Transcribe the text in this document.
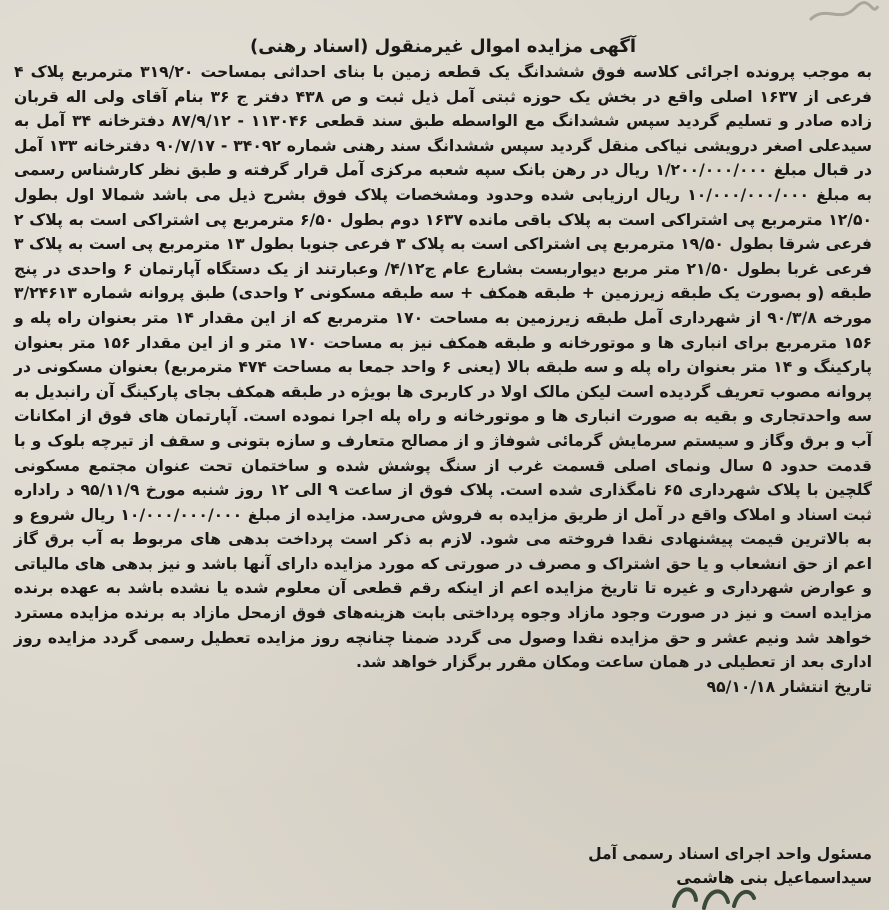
آگهی مزایده اموال غیرمنقول (اسناد رهنی)

به موجب پرونده اجرائی کلاسه فوق ششدانگ یک قطعه زمین با بنای احداثی بمساحت ۳۱۹/۲۰ مترمربع پلاک ۴ فرعی از ۱۶۳۷ اصلی واقع در بخش یک حوزه ثبتی آمل ذیل ثبت و ص ۴۳۸ دفتر ج ۳۶ بنام آقای ولی اله قربان زاده صادر و تسلیم گردید سپس ششدانگ مع الواسطه طبق سند قطعی ۱۱۳۰۴۶ - ۸۷/۹/۱۲ دفترخانه ۳۴ آمل به سیدعلی اصغر درویشی نیاکی منقل گردید سپس ششدانگ سند رهنی شماره ۳۴۰۹۲ - ۹۰/۷/۱۷ دفترخانه ۱۳۳ آمل در قبال مبلغ ۱/۲۰۰/۰۰۰/۰۰۰ ریال در رهن بانک سپه شعبه مرکزی آمل قرار گرفته و طبق نظر کارشناس رسمی به مبلغ ۱۰/۰۰۰/۰۰۰/۰۰۰ ریال ارزیابی شده وحدود ومشخصات پلاک فوق بشرح ذیل می باشد شمالا اول بطول ۱۲/۵۰ مترمربع پی اشتراکی است به پلاک باقی مانده ۱۶۳۷ دوم بطول ۶/۵۰ مترمربع پی اشتراکی است به پلاک ۲ فرعی شرقا بطول ۱۹/۵۰ مترمربع پی اشتراکی است به پلاک ۳ فرعی جنوبا بطول ۱۳ مترمربع پی است به پلاک ۳ فرعی غربا بطول ۲۱/۵۰ متر مربع دیواربست بشارع عام ج۴/۱۲/ وعبارتند از یک دستگاه آپارتمان ۶ واحدی در پنج طبقه (و بصورت یک طبقه زیرزمین + طبقه همکف + سه طبقه مسکونی ۲ واحدی) طبق پروانه شماره ۳/۲۴۶۱۳ مورخه ۹۰/۳/۸ از شهرداری آمل طبقه زیرزمین به مساحت ۱۷۰ مترمربع که از این مقدار ۱۴ متر بعنوان راه پله و ۱۵۶ مترمربع برای انباری ها و موتورخانه و طبقه همکف نیز به مساحت ۱۷۰ متر و از این مقدار ۱۵۶ متر بعنوان پارکینگ و ۱۴ متر بعنوان راه پله و سه طبقه بالا (یعنی ۶ واحد جمعا به مساحت ۴۷۴ مترمربع) بعنوان مسکونی در پروانه مصوب تعریف گردیده است لیکن مالک اولا در کاربری ها بویژه در طبقه همکف بجای پارکینگ آن رانبدیل به سه واحدتجاری و بقیه به صورت انباری ها و موتورخانه و راه پله اجرا نموده است. آپارتمان های فوق از امکانات آب و برق وگاز و سیستم سرمایش گرمائی شوفاژ و از مصالح متعارف و سازه بتونی و سقف از تیرچه بلوک و با قدمت حدود ۵ سال ونمای اصلی قسمت غرب از سنگ پوشش شده و ساختمان تحت عنوان مجتمع مسکونی گلچین با پلاک شهرداری ۶۵ نامگذاری شده است. پلاک فوق از ساعت ۹ الی ۱۲ روز شنبه مورخ ۹۵/۱۱/۹ د راداره ثبت اسناد و املاک واقع در آمل از طریق مزایده به فروش می‌رسد. مزایده از مبلغ ۱۰/۰۰۰/۰۰۰/۰۰۰ ریال شروع و به بالاترین قیمت پیشنهادی نقدا فروخته می شود. لازم به ذکر است پرداخت بدهی های مربوط به آب برق گاز اعم از حق انشعاب و یا حق اشتراک و مصرف در صورتی که مورد مزایده دارای آنها باشد و نیز بدهی های مالیاتی و عوارض شهرداری و غیره تا تاریخ مزایده اعم از اینکه رقم قطعی آن معلوم شده یا نشده باشد به عهده برنده مزایده است و نیز در صورت وجود مازاد وجوه پرداختی بابت هزینه‌های فوق ازمحل مازاد به برنده مزایده مسترد خواهد شد ونیم عشر و حق مزایده نقدا وصول می گردد ضمنا چنانچه روز مزایده تعطیل رسمی گردد مزایده روز اداری بعد از تعطیلی در همان ساعت ومکان مقرر برگزار خواهد شد.

تاریخ انتشار ۹۵/۱۰/۱۸

مسئول واحد اجرای اسناد رسمی آمل

سیداسماعیل بنی هاشمی
